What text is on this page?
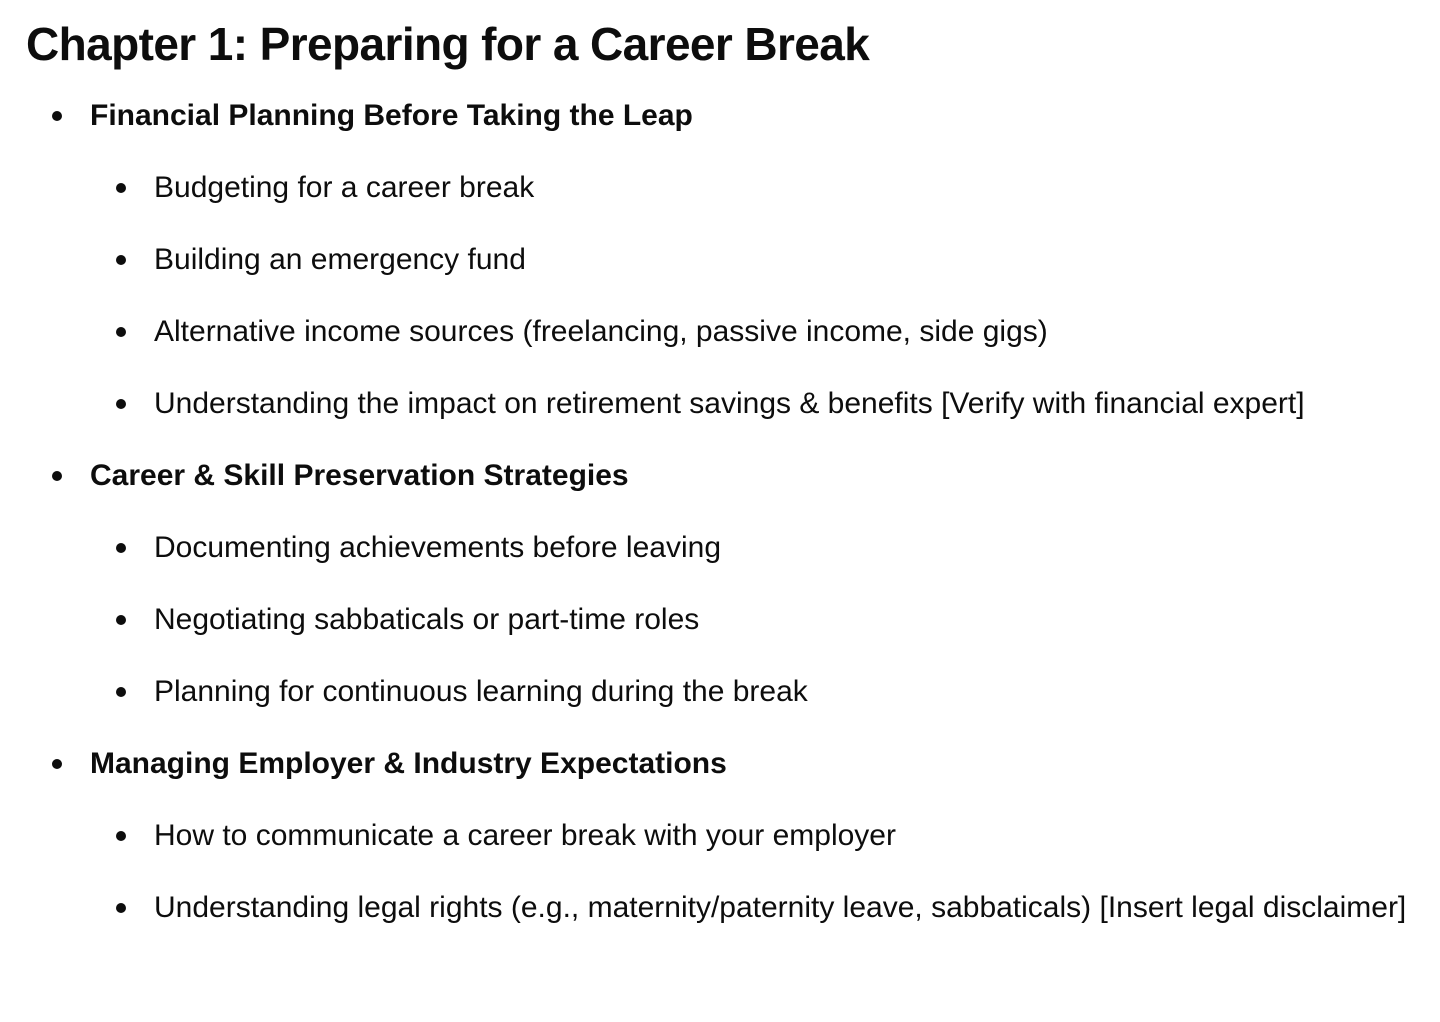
Chapter 1: Preparing for a Career Break
Financial Planning Before Taking the Leap
Budgeting for a career break
Building an emergency fund
Alternative income sources (freelancing, passive income, side gigs)
Understanding the impact on retirement savings & benefits [Verify with financial expert]
Career & Skill Preservation Strategies
Documenting achievements before leaving
Negotiating sabbaticals or part-time roles
Planning for continuous learning during the break
Managing Employer & Industry Expectations
How to communicate a career break with your employer
Understanding legal rights (e.g., maternity/paternity leave, sabbaticals) [Insert legal disclaimer]
